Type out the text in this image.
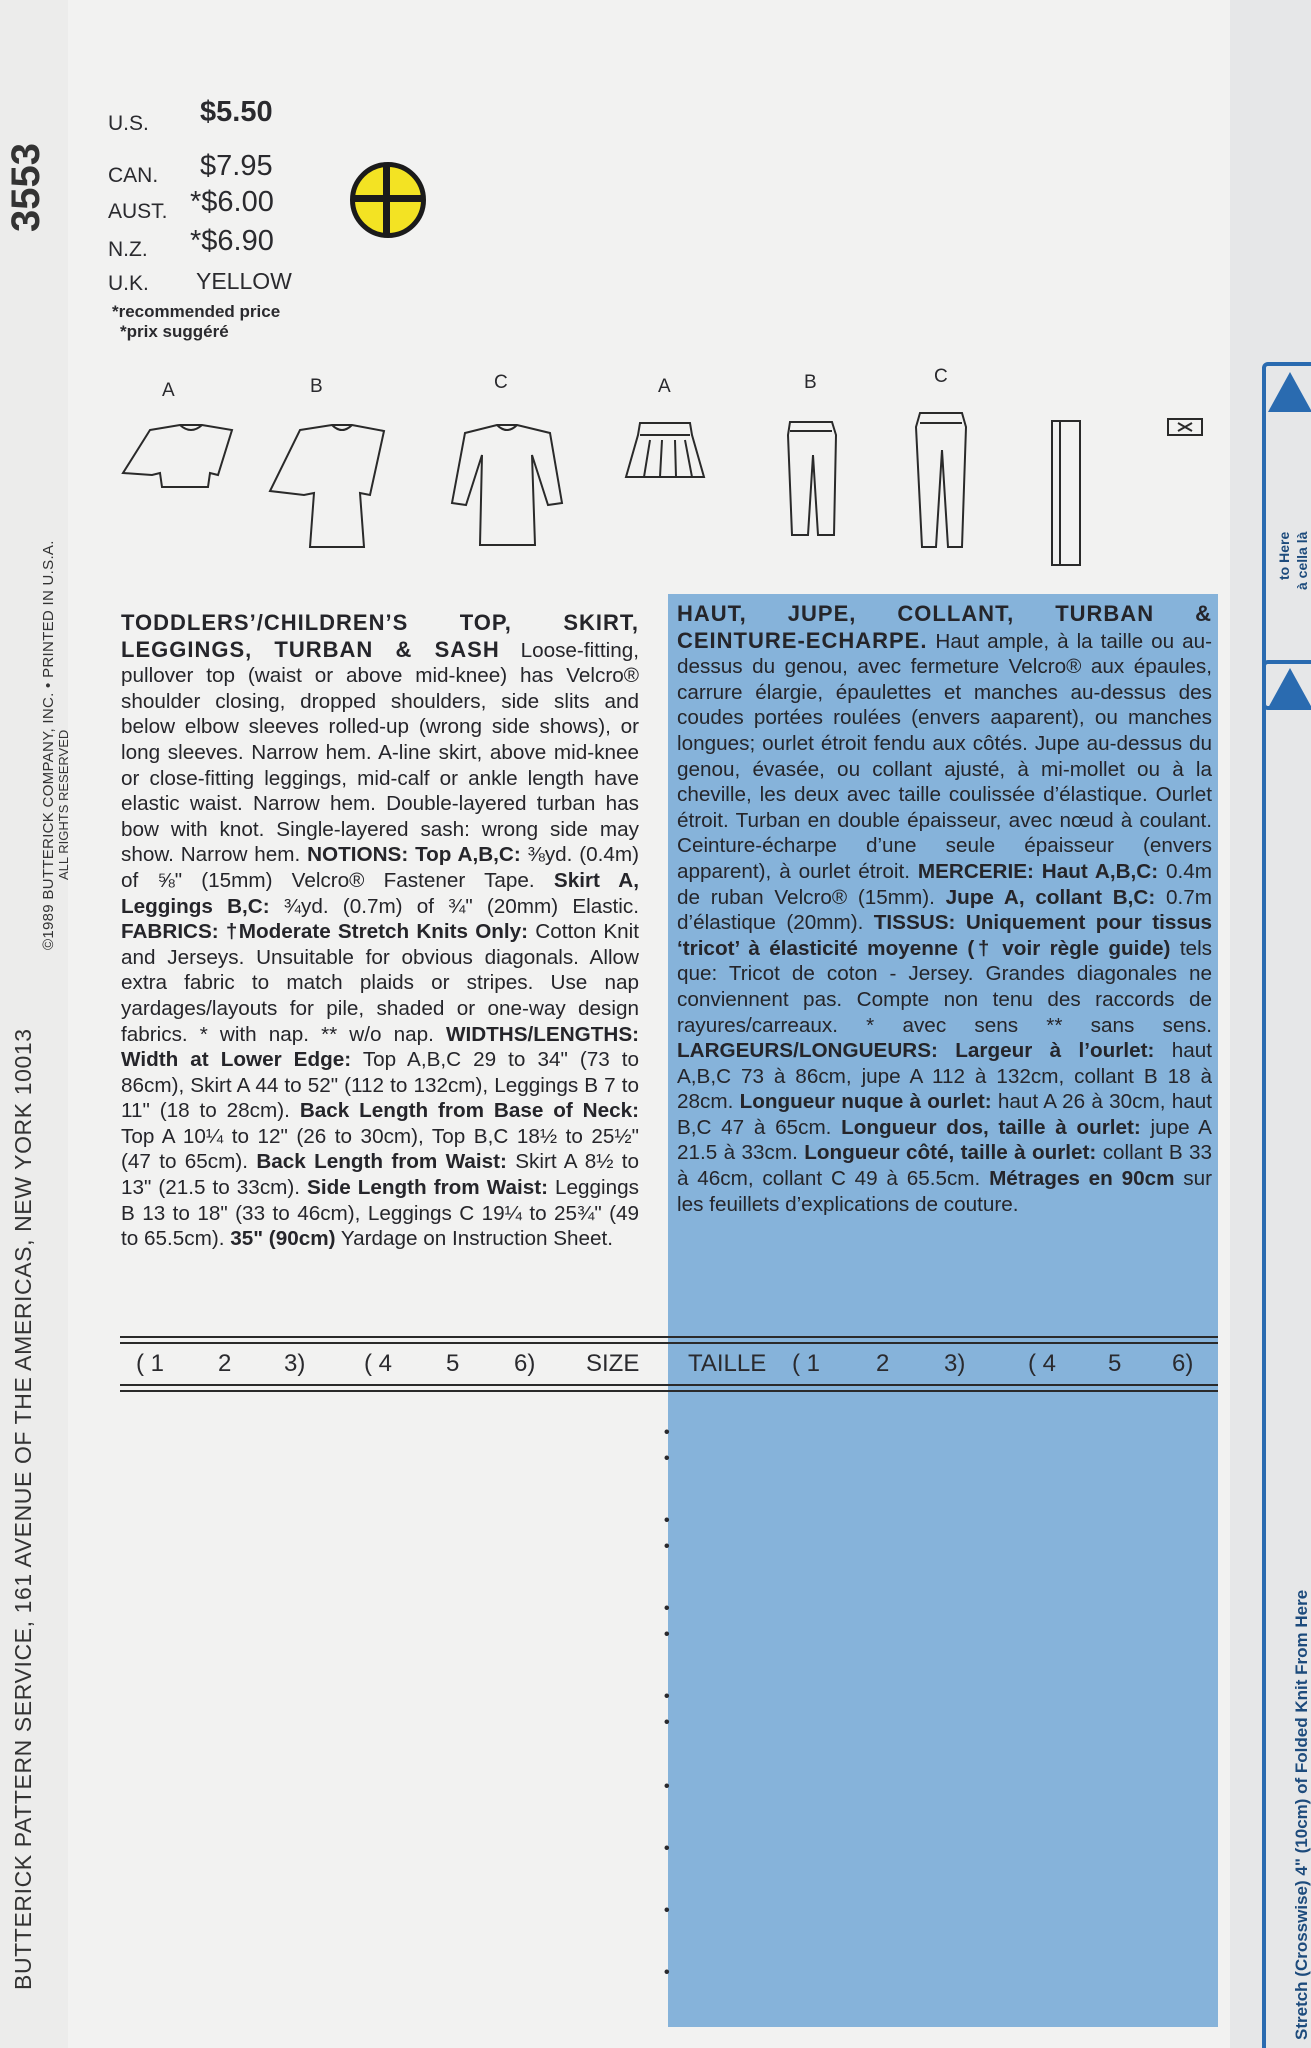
3553
BUTTERICK PATTERN SERVICE, 161 AVENUE OF THE AMERICAS, NEW YORK 10013
©1989 BUTTERICK COMPANY, INC. • PRINTED IN U.S.A. ALL RIGHTS RESERVED
to Here à cella là
Stretch (Crosswise) 4" (10cm) of Folded Knit From Here
U.S. $5.50
CAN. $7.95
AUST. *$6.00
N.Z. *$6.90
U.K. YELLOW
*recommended price
*prix suggéré
A	B	C	A	B	C
TODDLERS’/CHILDREN’S TOP, SKIRT, LEGGINGS, TURBAN & SASH Loose-fitting, pullover top (waist or above mid-knee) has Velcro® shoulder closing, dropped shoulders, side slits and below elbow sleeves rolled-up (wrong side shows), or long sleeves. Narrow hem. A-line skirt, above mid-knee or close-fitting leggings, mid-calf or ankle length have elastic waist. Narrow hem. Double-layered turban has bow with knot. Single-layered sash: wrong side may show. Narrow hem. NOTIONS: Top A,B,C: ⅜yd. (0.4m) of ⅝" (15mm) Velcro® Fastener Tape. Skirt A, Leggings B,C: ¾yd. (0.7m) of ¾" (20mm) Elastic. FABRICS: †Moderate Stretch Knits Only: Cotton Knit and Jerseys. Unsuitable for obvious diagonals. Allow extra fabric to match plaids or stripes. Use nap yardages/layouts for pile, shaded or one-way design fabrics. * with nap. ** w/o nap. WIDTHS/LENGTHS: Width at Lower Edge: Top A,B,C 29 to 34" (73 to 86cm), Skirt A 44 to 52" (112 to 132cm), Leggings B 7 to 11" (18 to 28cm). Back Length from Base of Neck: Top A 10¼ to 12" (26 to 30cm), Top B,C 18½ to 25½" (47 to 65cm). Back Length from Waist: Skirt A 8½ to 13" (21.5 to 33cm). Side Length from Waist: Leggings B 13 to 18" (33 to 46cm), Leggings C 19¼ to 25¾" (49 to 65.5cm). 35" (90cm) Yardage on Instruction Sheet.
HAUT, JUPE, COLLANT, TURBAN & CEINTURE-ECHARPE. Haut ample, à la taille ou au-dessus du genou, avec fermeture Velcro® aux épaules, carrure élargie, épaulettes et manches au-dessus des coudes portées roulées (envers aaparent), ou manches longues; ourlet étroit fendu aux côtés. Jupe au-dessus du genou, évasée, ou collant ajusté, à mi-mollet ou à la cheville, les deux avec taille coulissée d’élastique. Ourlet étroit. Turban en double épaisseur, avec nœud à coulant. Ceinture-écharpe d’une seule épaisseur (envers apparent), à ourlet étroit. MERCERIE: Haut A,B,C: 0.4m de ruban Velcro® (15mm). Jupe A, collant B,C: 0.7m d’élastique (20mm). TISSUS: Uniquement pour tissus ‘tricot’ à élasticité moyenne († voir règle guide) tels que: Tricot de coton - Jersey. Grandes diagonales ne conviennent pas. Compte non tenu des raccords de rayures/carreaux. * avec sens ** sans sens. LARGEURS/LONGUEURS: Largeur à l’ourlet: haut A,B,C 73 à 86cm, jupe A 112 à 132cm, collant B 18 à 28cm. Longueur nuque à ourlet: haut A 26 à 30cm, haut B,C 47 à 65cm. Longueur dos, taille à ourlet: jupe A 21.5 à 33cm. Longueur côté, taille à ourlet: collant B 33 à 46cm, collant C 49 à 65.5cm. Métrages en 90cm sur les feuillets d’explications de couture.
( 1 2 3) ( 4 5 6) SIZE TAILLE ( 1 2 3)	( 4 5 6)
•
•
•
•
•
•
•
•
•
•
•
•
